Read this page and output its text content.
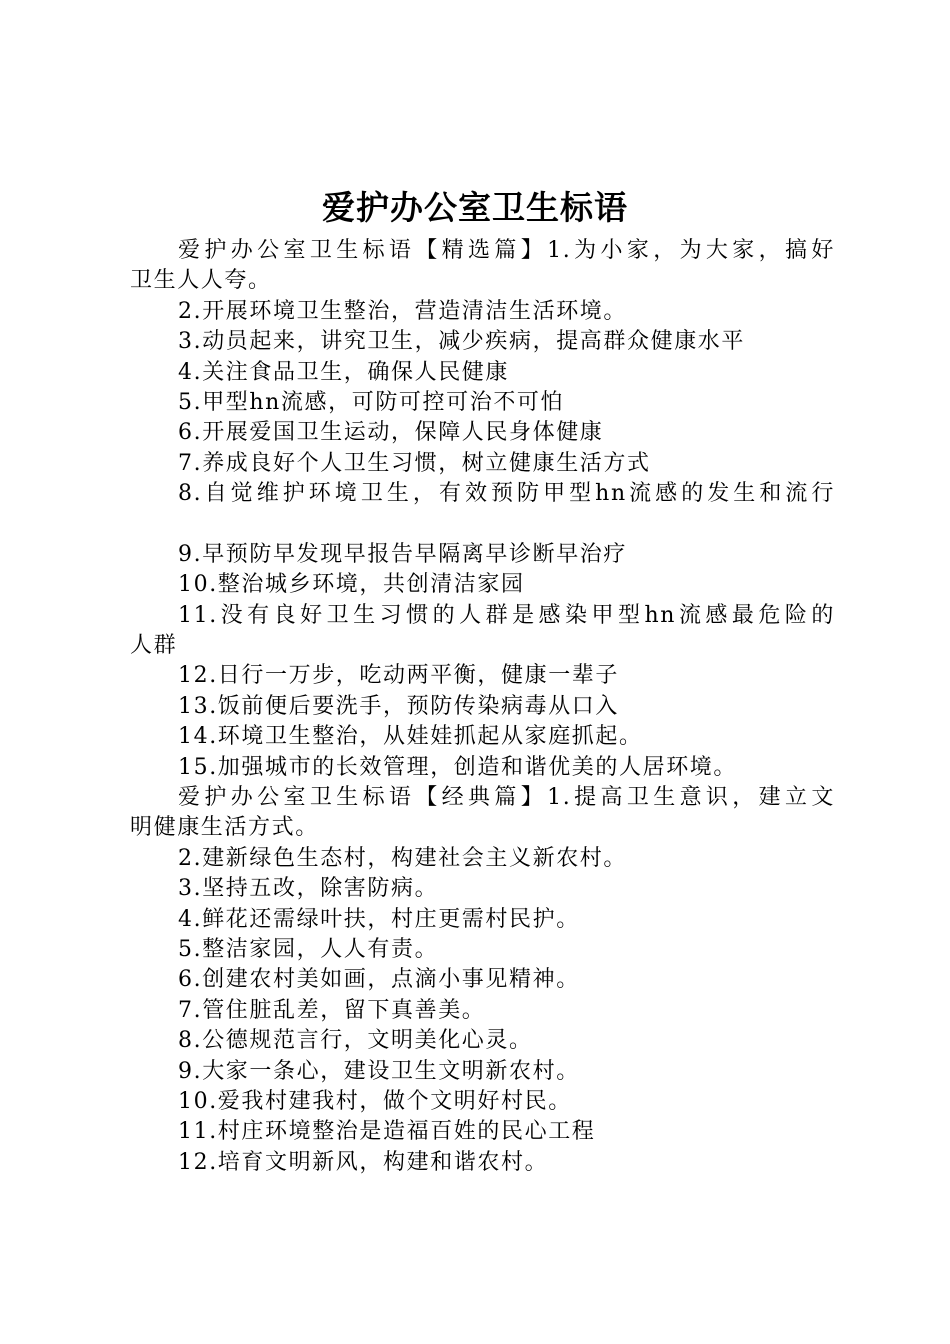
爱护办公室卫生标语
爱护办公室卫生标语【精选篇】1.为小家，为大家，搞好
卫生人人夸。
2.开展环境卫生整治，营造清洁生活环境。
3.动员起来，讲究卫生，减少疾病，提高群众健康水平
4.关注食品卫生，确保人民健康
5.甲型hn流感，可防可控可治不可怕
6.开展爱国卫生运动，保障人民身体健康
7.养成良好个人卫生习惯，树立健康生活方式
8.自觉维护环境卫生，有效预防甲型hn流感的发生和流行
9.早预防早发现早报告早隔离早诊断早治疗
10.整治城乡环境，共创清洁家园
11.没有良好卫生习惯的人群是感染甲型hn流感最危险的
人群
12.日行一万步，吃动两平衡，健康一辈子
13.饭前便后要洗手，预防传染病毒从口入
14.环境卫生整治，从娃娃抓起从家庭抓起。
15.加强城市的长效管理，创造和谐优美的人居环境。
爱护办公室卫生标语【经典篇】1.提高卫生意识，建立文
明健康生活方式。
2.建新绿色生态村，构建社会主义新农村。
3.坚持五改，除害防病。
4.鲜花还需绿叶扶，村庄更需村民护。
5.整洁家园，人人有责。
6.创建农村美如画，点滴小事见精神。
7.管住脏乱差，留下真善美。
8.公德规范言行，文明美化心灵。
9.大家一条心，建设卫生文明新农村。
10.爱我村建我村，做个文明好村民。
11.村庄环境整治是造福百姓的民心工程
12.培育文明新风，构建和谐农村。
